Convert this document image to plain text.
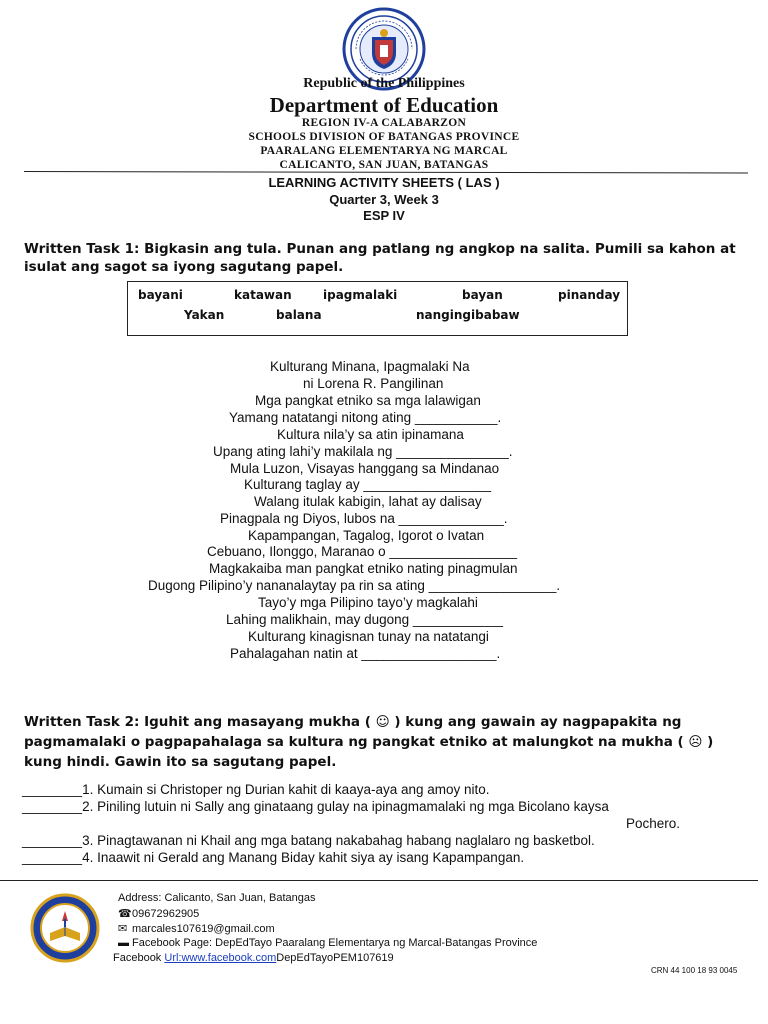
Republic of the Philippines
Department of Education
REGION IV-A CALABARZON
SCHOOLS DIVISION OF BATANGAS PROVINCE
PAARALANG ELEMENTARYA NG MARCAL
CALICANTO, SAN JUAN, BATANGAS
LEARNING ACTIVITY SHEETS ( LAS )
Quarter 3, Week 3
ESP IV
Written Task 1: Bigkasin ang tula. Punan ang patlang ng angkop na salita. Pumili sa kahon at isulat ang sagot sa iyong sagutang papel.
bayani	katawan	ipagmalaki	bayan	pinanday
Yakan	balana	nangingibabaw
Kulturang Minana, Ipagmalaki Na
ni Lorena R. Pangilinan
Mga pangkat etniko sa mga lalawigan
Yamang natatangi nitong ating ___________.
Kultura nila’y sa atin ipinamana
Upang ating lahi’y makilala ng _______________.
Mula Luzon, Visayas hanggang sa Mindanao
Kulturang taglay ay _________________
Walang itulak kabigin, lahat ay dalisay
Pinagpala ng Diyos, lubos na ______________.
Kapampangan, Tagalog, Igorot o Ivatan
Cebuano, Ilonggo, Maranao o _________________
Magkakaiba man pangkat etniko nating pinagmulan
Dugong Pilipino’y nananalaytay pa rin sa ating _________________.
Tayo’y mga Pilipino tayo’y magkalahi
Lahing malikhain, may dugong ____________
Kulturang kinagisnan tunay na natatangi
Pahalagahan natin at __________________.
Written Task 2: Iguhit ang masayang mukha ( ☺ ) kung ang gawain ay nagpapakita ng pagmamalaki o pagpapahalaga sa kultura ng pangkat etniko at malungkot na mukha ( ☹ ) kung hindi. Gawin ito sa sagutang papel.
________1. Kumain si Christoper ng Durian kahit di kaaya-aya ang amoy nito.
________2. Piniling lutuin ni Sally ang ginataang gulay na ipinagmamalaki ng mga Bicolano kaysa
Pochero.
________3. Pinagtawanan ni Khail ang mga batang nakabahag habang naglalaro ng basketbol.
________4. Inaawit ni Gerald ang Manang Biday kahit siya ay isang Kapampangan.
Address: Calicanto, San Juan, Batangas
☎09672962905
✉ marcales107619@gmail.com
▬ Facebook Page: DepEdTayo Paaralang Elementarya ng Marcal-Batangas Province
Facebook Url:www.facebook.comDepEdTayoPEM107619
CRN 44 100 18 93 0045
